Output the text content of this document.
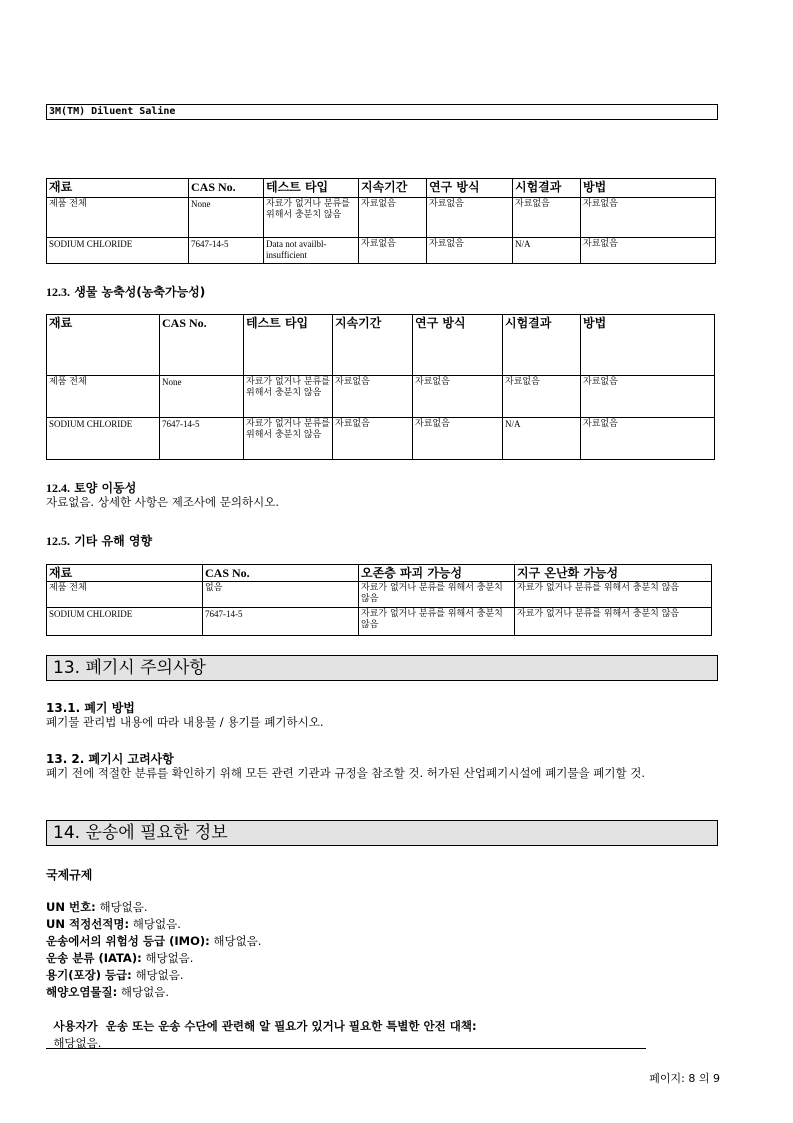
3M(TM) Diluent Saline
재료	CAS No.	테스트 타입	지속기간	연구 방식	시험결과	방법
제품 전체	None	자료가 없거나 분류를 위해서 충분치 않음	자료없음	자료없음	자료없음	자료없음
SODIUM CHLORIDE	7647-14-5	Data not availbl-insufficient	자료없음	자료없음	N/A	자료없음
12.3. 생물 농축성(농축가능성)
재료	CAS No.	테스트 타입	지속기간	연구 방식	시험결과	방법
제품 전체	None	자료가 없거나 분류를 위해서 충분치 않음	자료없음	자료없음	자료없음	자료없음
SODIUM CHLORIDE	7647-14-5	자료가 없거나 분류를 위해서 충분치 않음	자료없음	자료없음	N/A	자료없음
12.4. 토양 이동성
자료없음. 상세한 사항은 제조사에 문의하시오.
12.5. 기타 유해 영향
재료	CAS No.	오존층 파괴 가능성	지구 온난화 가능성
제품 전체	없음	자료가 없거나 분류를 위해서 충분치 않음	자료가 없거나 분류를 위해서 충분치 않음
SODIUM CHLORIDE	7647-14-5	자료가 없거나 분류를 위해서 충분치 않음	자료가 없거나 분류를 위해서 충분치 않음
13. 폐기시 주의사항
13.1. 폐기 방법
폐기물 관리법 내용에 따라 내용물 / 용기를 폐기하시오.
13. 2. 폐기시 고려사항
폐기 전에 적절한 분류를 확인하기 위해 모든 관련 기관과 규정을 참조할 것. 허가된 산업폐기시설에 폐기물을 폐기할 것.
14. 운송에 필요한 정보
국제규제
UN 번호: 해당없음.
UN 적정선적명: 해당없음.
운송에서의 위험성 등급 (IMO): 해당없음.
운송 분류 (IATA): 해당없음.
용기(포장) 등급: 해당없음.
해양오염물질: 해당없음.

사용자가  운송 또는 운송 수단에 관련해 알 필요가 있거나 필요한 특별한 안전 대책:
해당없음.

페이지: 8 의 9
